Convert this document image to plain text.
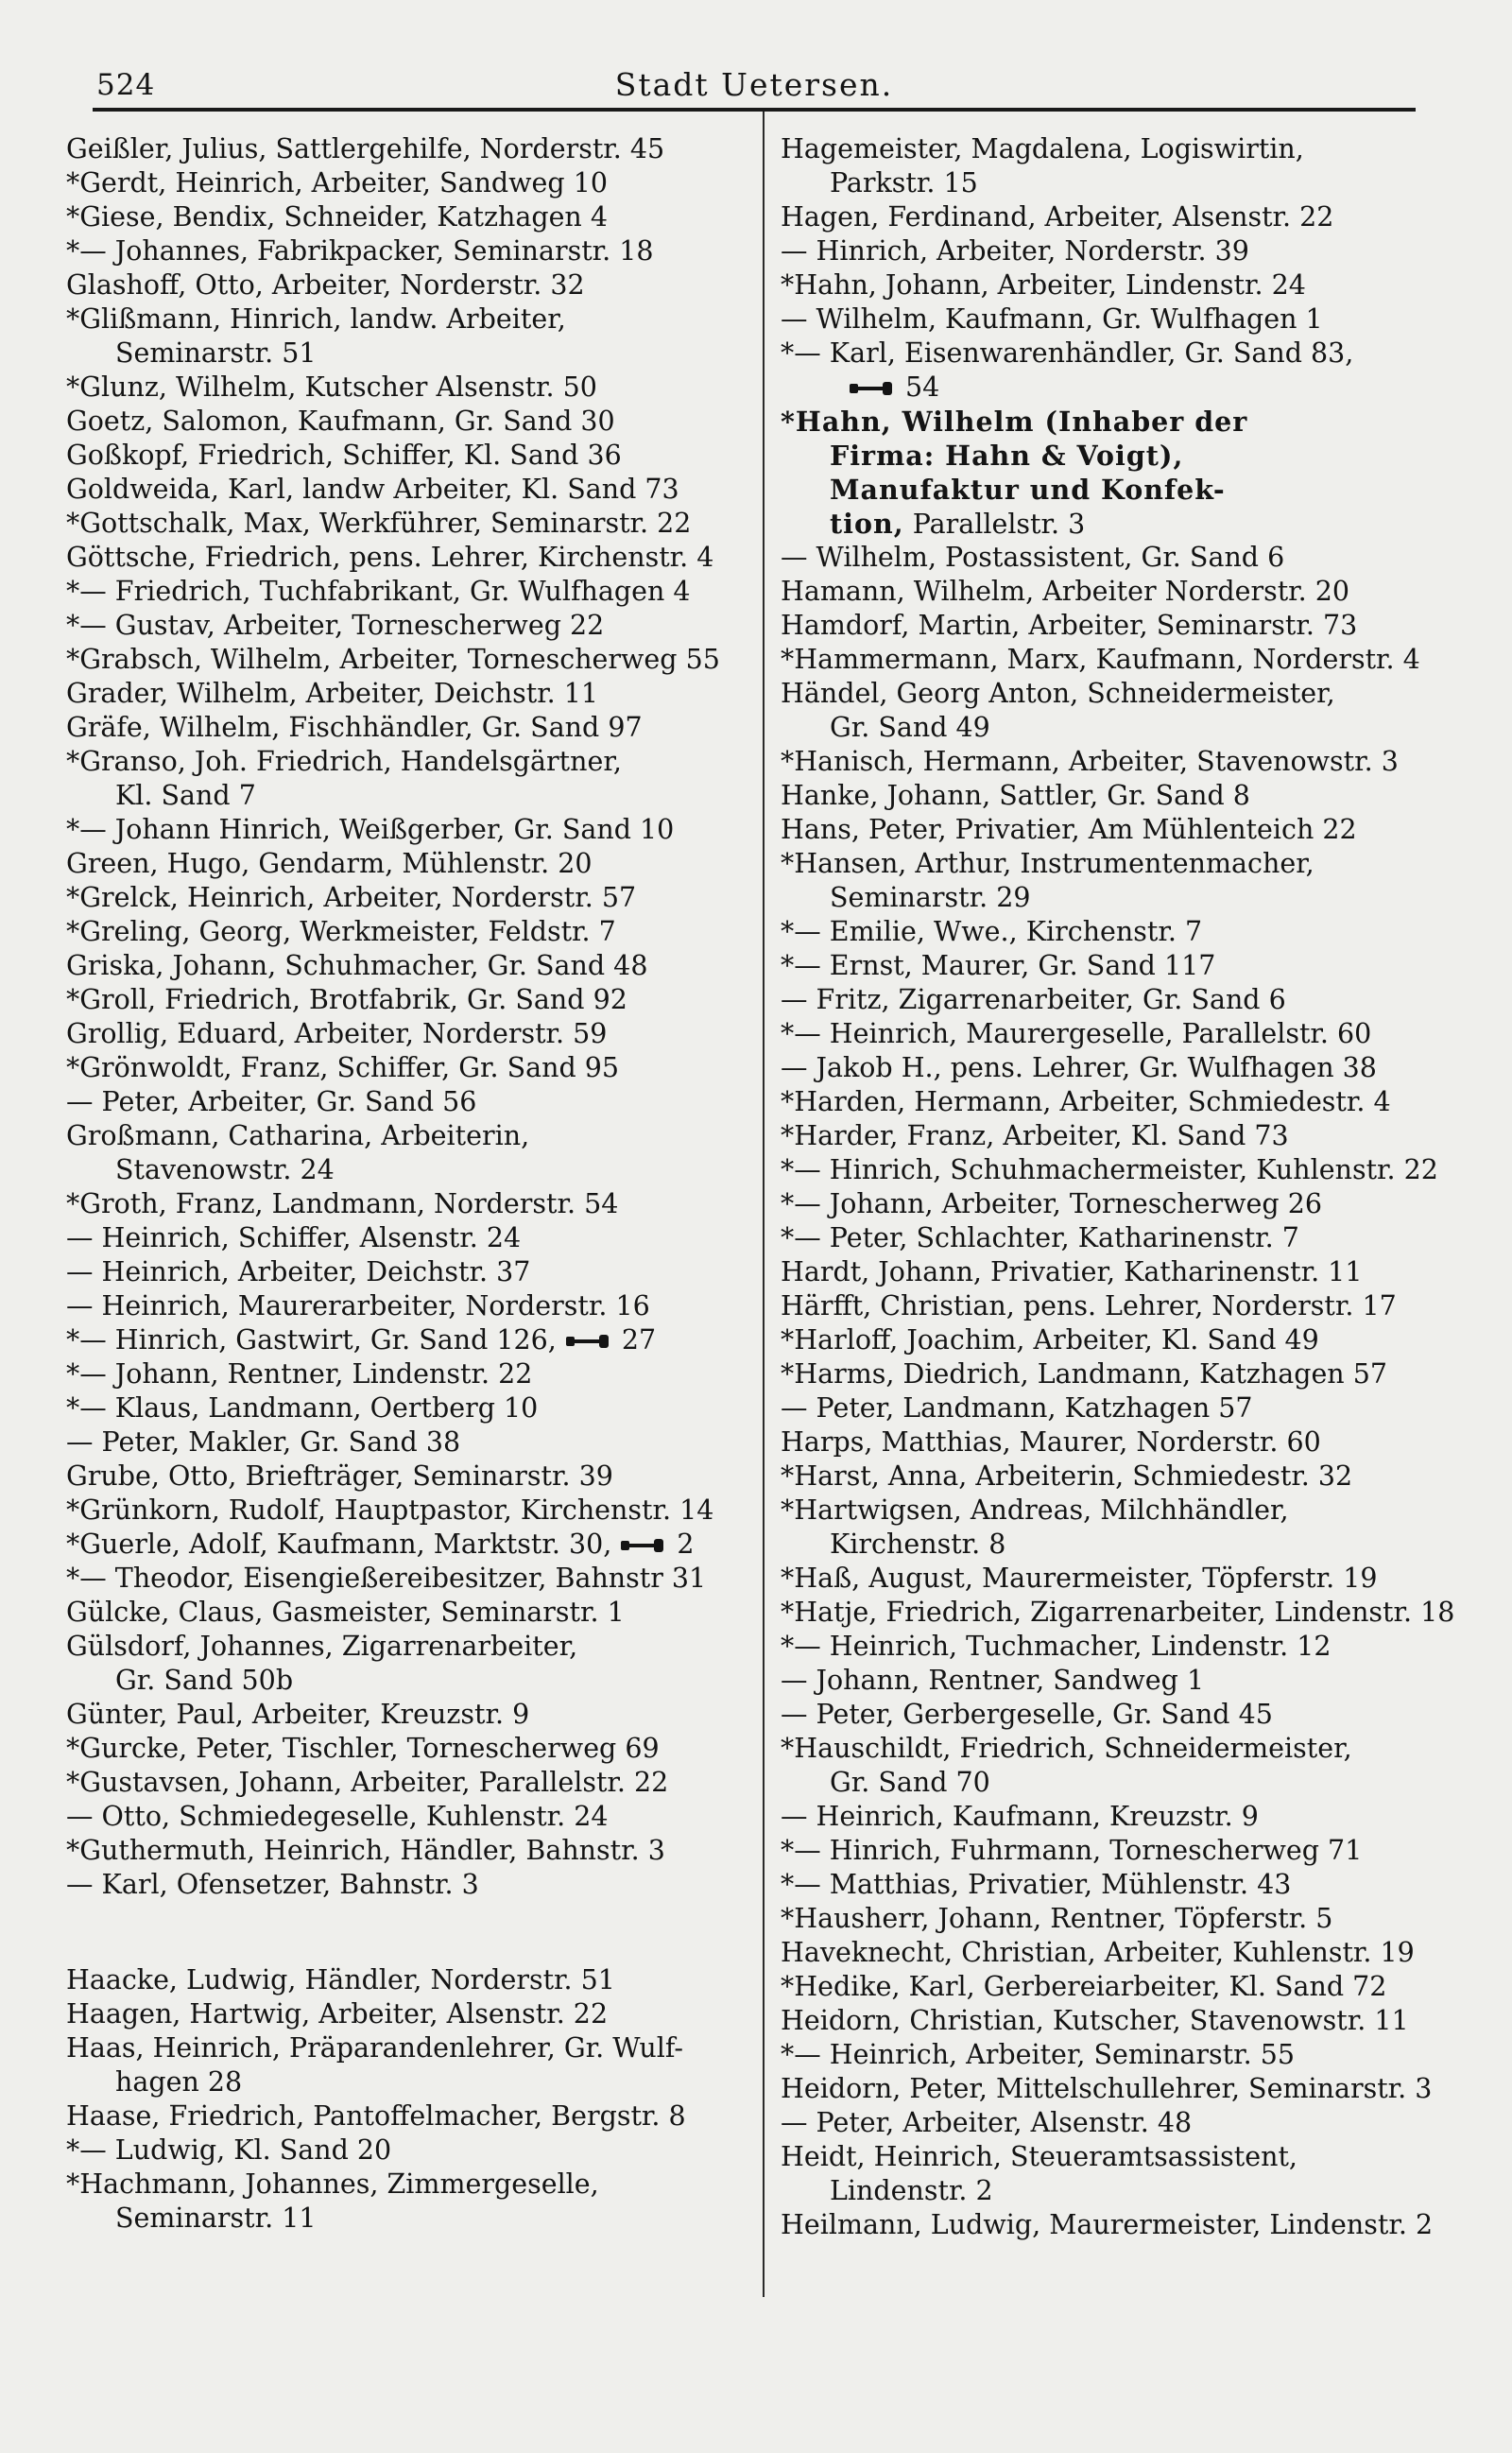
524	Stadt Uetersen.
Geißler, Julius, Sattlergehilfe, Norderstr. 45
*Gerdt, Heinrich, Arbeiter, Sandweg 10
*Giese, Bendix, Schneider, Katzhagen 4
*— Johannes, Fabrikpacker, Seminarstr. 18
Glashoff, Otto, Arbeiter, Norderstr. 32
*Glißmann, Hinrich, landw. Arbeiter,
Seminarstr. 51
*Glunz, Wilhelm, Kutscher Alsenstr. 50
Goetz, Salomon, Kaufmann, Gr. Sand 30
Goßkopf, Friedrich, Schiffer, Kl. Sand 36
Goldweida, Karl, landw Arbeiter, Kl. Sand 73
*Gottschalk, Max, Werkführer, Seminarstr. 22
Göttsche, Friedrich, pens. Lehrer, Kirchenstr. 4
*— Friedrich, Tuchfabrikant, Gr. Wulfhagen 4
*— Gustav, Arbeiter, Tornescherweg 22
*Grabsch, Wilhelm, Arbeiter, Tornescherweg 55
Grader, Wilhelm, Arbeiter, Deichstr. 11
Gräfe, Wilhelm, Fischhändler, Gr. Sand 97
*Granso, Joh. Friedrich, Handelsgärtner,
Kl. Sand 7
*— Johann Hinrich, Weißgerber, Gr. Sand 10
Green, Hugo, Gendarm, Mühlenstr. 20
*Grelck, Heinrich, Arbeiter, Norderstr. 57
*Greling, Georg, Werkmeister, Feldstr. 7
Griska, Johann, Schuhmacher, Gr. Sand 48
*Groll, Friedrich, Brotfabrik, Gr. Sand 92
Grollig, Eduard, Arbeiter, Norderstr. 59
*Grönwoldt, Franz, Schiffer, Gr. Sand 95
— Peter, Arbeiter, Gr. Sand 56
Großmann, Catharina, Arbeiterin,
Stavenowstr. 24
*Groth, Franz, Landmann, Norderstr. 54
— Heinrich, Schiffer, Alsenstr. 24
— Heinrich, Arbeiter, Deichstr. 37
— Heinrich, Maurerarbeiter, Norderstr. 16
*— Hinrich, Gastwirt, Gr. Sand 126, 27
*— Johann, Rentner, Lindenstr. 22
*— Klaus, Landmann, Oertberg 10
— Peter, Makler, Gr. Sand 38
Grube, Otto, Briefträger, Seminarstr. 39
*Grünkorn, Rudolf, Hauptpastor, Kirchenstr. 14
*Guerle, Adolf, Kaufmann, Marktstr. 30, 2
*— Theodor, Eisengießereibesitzer, Bahnstr 31
Gülcke, Claus, Gasmeister, Seminarstr. 1
Gülsdorf, Johannes, Zigarrenarbeiter,
Gr. Sand 50b
Günter, Paul, Arbeiter, Kreuzstr. 9
*Gurcke, Peter, Tischler, Tornescherweg 69
*Gustavsen, Johann, Arbeiter, Parallelstr. 22
— Otto, Schmiedegeselle, Kuhlenstr. 24
*Guthermuth, Heinrich, Händler, Bahnstr. 3
— Karl, Ofensetzer, Bahnstr. 3
Haacke, Ludwig, Händler, Norderstr. 51
Haagen, Hartwig, Arbeiter, Alsenstr. 22
Haas, Heinrich, Präparandenlehrer, Gr. Wulf-
hagen 28
Haase, Friedrich, Pantoffelmacher, Bergstr. 8
*— Ludwig, Kl. Sand 20
*Hachmann, Johannes, Zimmergeselle,
Seminarstr. 11
Hagemeister, Magdalena, Logiswirtin,
Parkstr. 15
Hagen, Ferdinand, Arbeiter, Alsenstr. 22
— Hinrich, Arbeiter, Norderstr. 39
*Hahn, Johann, Arbeiter, Lindenstr. 24
— Wilhelm, Kaufmann, Gr. Wulfhagen 1
*— Karl, Eisenwarenhändler, Gr. Sand 83,
54
*Hahn, Wilhelm (Inhaber der
Firma: Hahn & Voigt),
Manufaktur und Konfek-
tion, Parallelstr. 3
— Wilhelm, Postassistent, Gr. Sand 6
Hamann, Wilhelm, Arbeiter Norderstr. 20
Hamdorf, Martin, Arbeiter, Seminarstr. 73
*Hammermann, Marx, Kaufmann, Norderstr. 4
Händel, Georg Anton, Schneidermeister,
Gr. Sand 49
*Hanisch, Hermann, Arbeiter, Stavenowstr. 3
Hanke, Johann, Sattler, Gr. Sand 8
Hans, Peter, Privatier, Am Mühlenteich 22
*Hansen, Arthur, Instrumentenmacher,
Seminarstr. 29
*— Emilie, Wwe., Kirchenstr. 7
*— Ernst, Maurer, Gr. Sand 117
— Fritz, Zigarrenarbeiter, Gr. Sand 6
*— Heinrich, Maurergeselle, Parallelstr. 60
— Jakob H., pens. Lehrer, Gr. Wulfhagen 38
*Harden, Hermann, Arbeiter, Schmiedestr. 4
*Harder, Franz, Arbeiter, Kl. Sand 73
*— Hinrich, Schuhmachermeister, Kuhlenstr. 22
*— Johann, Arbeiter, Tornescherweg 26
*— Peter, Schlachter, Katharinenstr. 7
Hardt, Johann, Privatier, Katharinenstr. 11
Härfft, Christian, pens. Lehrer, Norderstr. 17
*Harloff, Joachim, Arbeiter, Kl. Sand 49
*Harms, Diedrich, Landmann, Katzhagen 57
— Peter, Landmann, Katzhagen 57
Harps, Matthias, Maurer, Norderstr. 60
*Harst, Anna, Arbeiterin, Schmiedestr. 32
*Hartwigsen, Andreas, Milchhändler,
Kirchenstr. 8
*Haß, August, Maurermeister, Töpferstr. 19
*Hatje, Friedrich, Zigarrenarbeiter, Lindenstr. 18
*— Heinrich, Tuchmacher, Lindenstr. 12
— Johann, Rentner, Sandweg 1
— Peter, Gerbergeselle, Gr. Sand 45
*Hauschildt, Friedrich, Schneidermeister,
Gr. Sand 70
— Heinrich, Kaufmann, Kreuzstr. 9
*— Hinrich, Fuhrmann, Tornescherweg 71
*— Matthias, Privatier, Mühlenstr. 43
*Hausherr, Johann, Rentner, Töpferstr. 5
Haveknecht, Christian, Arbeiter, Kuhlenstr. 19
*Hedike, Karl, Gerbereiarbeiter, Kl. Sand 72
Heidorn, Christian, Kutscher, Stavenowstr. 11
*— Heinrich, Arbeiter, Seminarstr. 55
Heidorn, Peter, Mittelschullehrer, Seminarstr. 3
— Peter, Arbeiter, Alsenstr. 48
Heidt, Heinrich, Steueramtsassistent,
Lindenstr. 2
Heilmann, Ludwig, Maurermeister, Lindenstr. 2
